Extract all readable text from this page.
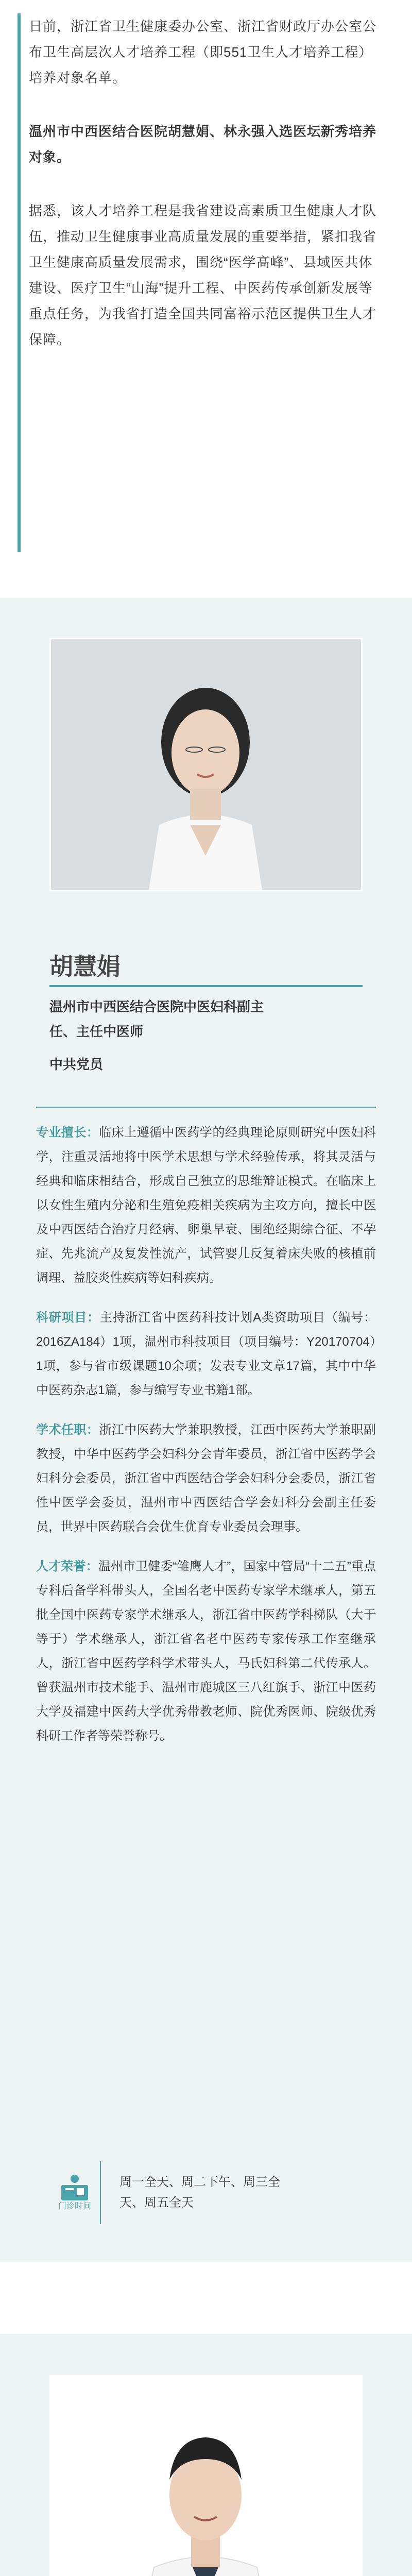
日前，浙江省卫生健康委办公室、浙江省财政厅办公室公布卫生高层次人才培养工程（即551卫生人才培养工程）培养对象名单。

温州市中西医结合医院胡慧娟、林永强入选医坛新秀培养对象。

据悉，该人才培养工程是我省建设高素质卫生健康人才队伍，推动卫生健康事业高质量发展的重要举措，紧扣我省卫生健康高质量发展需求，围绕“医学高峰”、县域医共体建设、医疗卫生“山海”提升工程、中医药传承创新发展等重点任务，为我省打造全国共同富裕示范区提供卫生人才保障。

胡慧娟

温州市中西医结合医院中医妇科副主

任、主任中医师

中共党员

专业擅长：临床上遵循中医药学的经典理论原则研究中医妇科学，注重灵活地将中医学术思想与学术经验传承，将其灵活与经典和临床相结合，形成自己独立的思维辩证模式。在临床上以女性生殖内分泌和生殖免疫相关疾病为主攻方向，擅长中医及中西医结合治疗月经病、卵巢早衰、围绝经期综合征、不孕症、先兆流产及复发性流产，试管婴儿反复着床失败的核植前调理、益胶炎性疾病等妇科疾病。

科研项目：主持浙江省中医药科技计划A类资助项目（编号：2016ZA184）1项，温州市科技项目（项目编号：Y20170704）1项，参与省市级课题10余项；发表专业文章17篇，其中中华中医药杂志1篇，参与编写专业书籍1部。

学术任职：浙江中医药大学兼职教授，江西中医药大学兼职副教授，中华中医药学会妇科分会青年委员，浙江省中医药学会妇科分会委员，浙江省中西医结合学会妇科分会委员，浙江省性中医学会委员，温州市中西医结合学会妇科分会副主任委员，世界中医药联合会优生优育专业委员会理事。

人才荣誉：温州市卫健委“雏鹰人才”，国家中管局“十二五”重点专科后备学科带头人，全国名老中医药专家学术继承人，第五批全国中医药专家学术继承人，浙江省中医药学科梯队（大于等于）学术继承人，浙江省名老中医药专家传承工作室继承人，浙江省中医药学科学术带头人，马氏妇科第二代传承人。曾获温州市技术能手、温州市鹿城区三八红旗手、浙江中医药大学及福建中医药大学优秀带教老师、院优秀医师、院级优秀科研工作者等荣誉称号。

门诊时间
周一全天、周二下午、周三全
天、周五全天
